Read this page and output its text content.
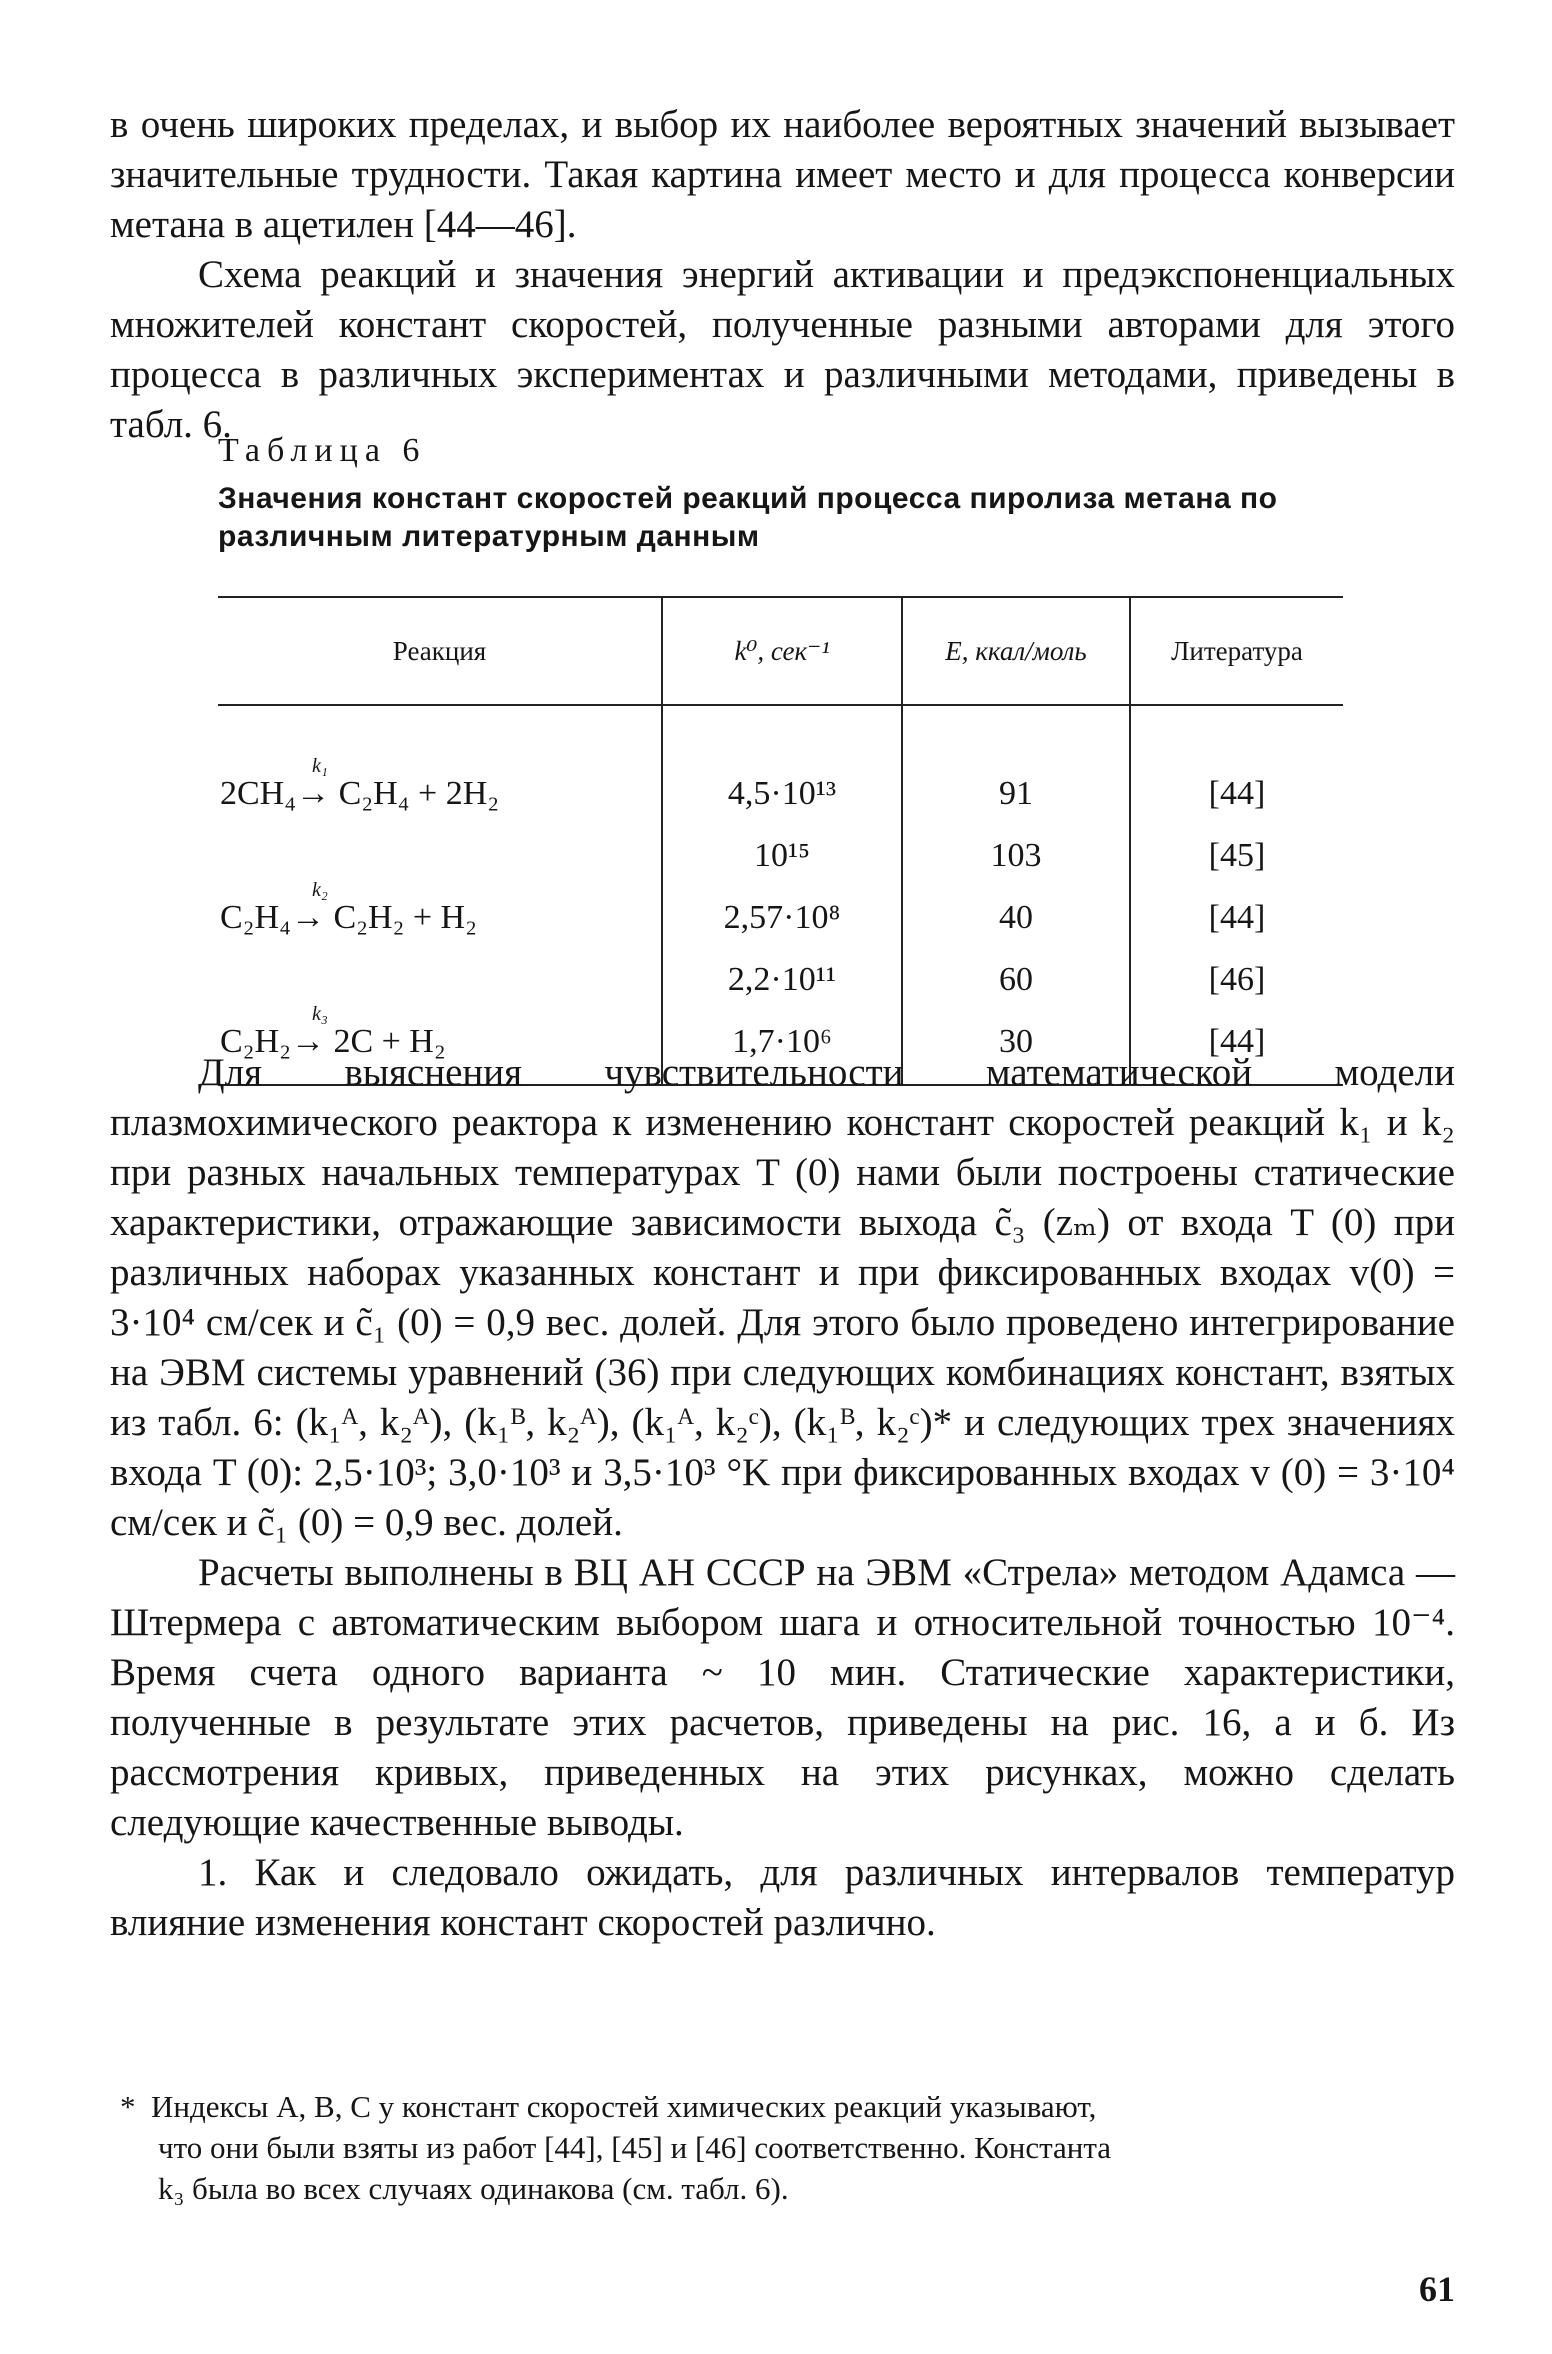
в очень широких пределах, и выбор их наиболее вероятных значений вызывает значительные трудности. Такая картина имеет место и для процесса конверсии метана в ацетилен [44—46].

Схема реакций и значения энергий активации и предэкспоненциальных множителей констант скоростей, полученные разными авторами для этого процесса в различных экспериментах и различными методами, приведены в табл. 6.

Таблица 6
Значения констант скоростей реакций процесса пиролиза метана по различным литературным данным
Реакция	k⁰, сек⁻¹	E, ккал/моль	Литература

k₁
2CH₄→ C₂H₄ + 2H₂	4,5·10¹³	91	[44]

	10¹⁵	103	[45]

k₂
C₂H₄→ C₂H₂ + H₂	2,57·10⁸	40	[44]

	2,2·10¹¹	60	[46]

k₃
C₂H₂→ 2C + H₂	1,7·10⁶	30	[44]

Для выяснения чувствительности математической модели плазмохимического реактора к изменению констант скоростей реакций k₁ и k₂ при разных начальных температурах T (0) нами были построены статические характеристики, отражающие зависимости выхода c̃₃ (zₘ) от входа T (0) при различных наборах указанных констант и при фиксированных входах v(0) = 3·10⁴ см/сек и c̃₁ (0) = 0,9 вес. долей. Для этого было проведено интегрирование на ЭВМ системы уравнений (36) при следующих комбинациях констант, взятых из табл. 6: (k₁ᴬ, k₂ᴬ), (k₁ᴮ, k₂ᴬ), (k₁ᴬ, k₂ᶜ), (k₁ᴮ, k₂ᶜ)* и следующих трех значениях входа T (0): 2,5·10³; 3,0·10³ и 3,5·10³ °K при фиксированных входах v (0) = 3·10⁴ см/сек и c̃₁ (0) = 0,9 вес. долей.

Расчеты выполнены в ВЦ АН СССР на ЭВМ «Стрела» методом Адамса — Штермера с автоматическим выбором шага и относительной точностью 10⁻⁴. Время счета одного варианта ~ 10 мин. Статические характеристики, полученные в результате этих расчетов, приведены на рис. 16, а и б. Из рассмотрения кривых, приведенных на этих рисунках, можно сделать следующие качественные выводы.

1. Как и следовало ожидать, для различных интервалов температур влияние изменения констант скоростей различно.

* Индексы A, B, C у констант скоростей химических реакций указывают,
что они были взяты из работ [44], [45] и [46] соответственно. Константа
k₃ была во всех случаях одинакова (см. табл. 6).
61
